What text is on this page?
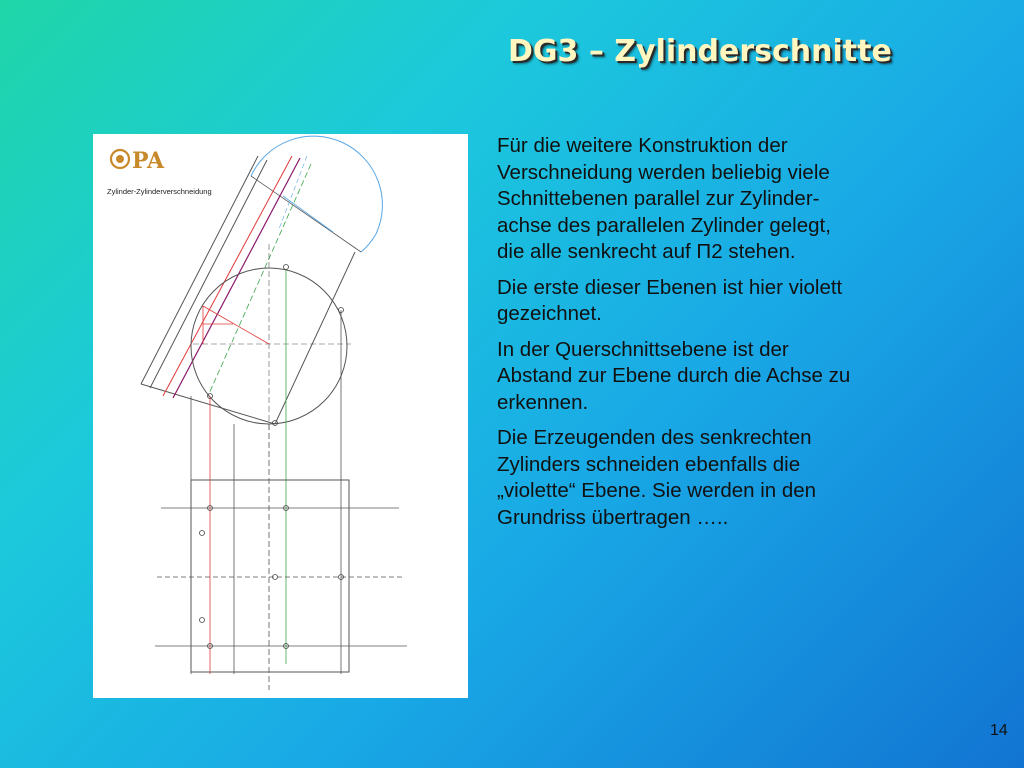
DG3 – Zylinderschnitte
PA
Zylinder-Zylinderverschneidung

Für die weitere Konstruktion der
Verschneidung werden beliebig viele
Schnittebenen parallel zur Zylinder-
achse des parallelen Zylinder gelegt,
die alle senkrecht auf Π2 stehen.

Die erste dieser Ebenen ist hier violett
gezeichnet.

In der Querschnittsebene ist der
Abstand zur Ebene durch die Achse zu
erkennen.

Die Erzeugenden des senkrechten
Zylinders schneiden ebenfalls die
„violette“ Ebene. Sie werden in den
Grundriss übertragen …..

14
